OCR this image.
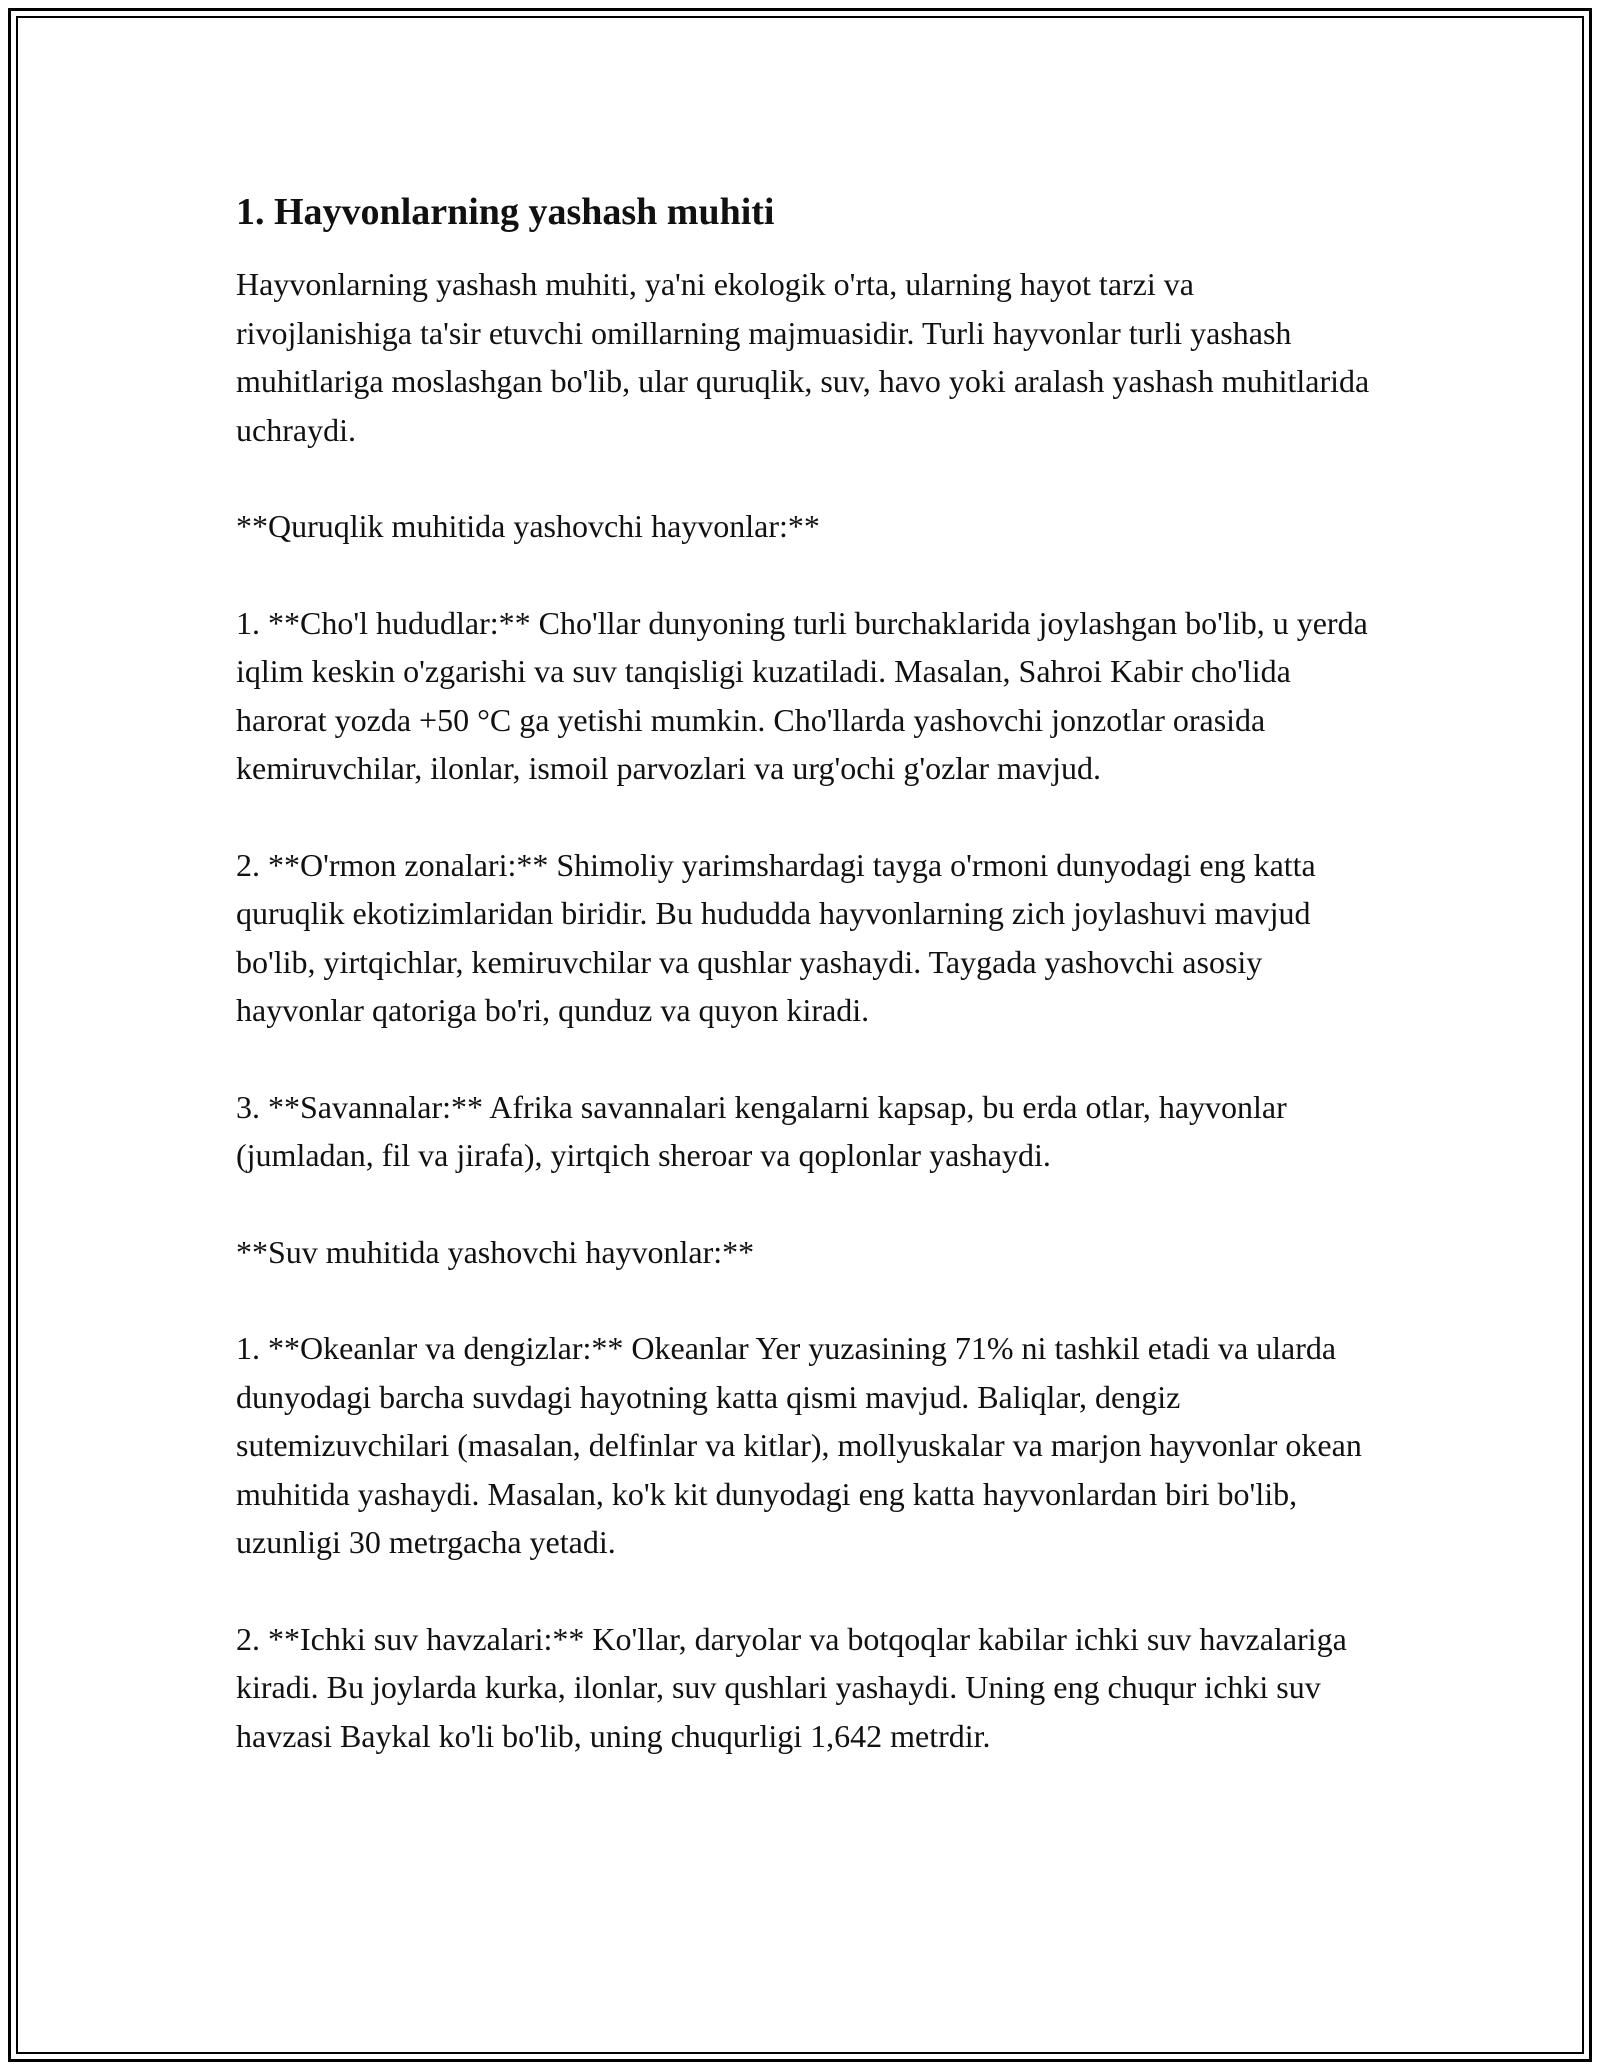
1. Hayvonlarning yashash muhiti

Hayvonlarning yashash muhiti, ya'ni ekologik o'rta, ularning hayot tarzi va rivojlanishiga ta'sir etuvchi omillarning majmuasidir. Turli hayvonlar turli yashash muhitlariga moslashgan bo'lib, ular quruqlik, suv, havo yoki aralash yashash muhitlarida uchraydi.

**Quruqlik muhitida yashovchi hayvonlar:**

1. **Cho'l hududlar:** Cho'llar dunyoning turli burchaklarida joylashgan bo'lib, u yerda iqlim keskin o'zgarishi va suv tanqisligi kuzatiladi. Masalan, Sahroi Kabir cho'lida harorat yozda +50 °C ga yetishi mumkin. Cho'llarda yashovchi jonzotlar orasida kemiruvchilar, ilonlar, ismoil parvozlari va urg'ochi g'ozlar mavjud.

2. **O'rmon zonalari:** Shimoliy yarimshardagi tayga o'rmoni dunyodagi eng katta quruqlik ekotizimlaridan biridir. Bu hududda hayvonlarning zich joylashuvi mavjud bo'lib, yirtqichlar, kemiruvchilar va qushlar yashaydi. Taygada yashovchi asosiy hayvonlar qatoriga bo'ri, qunduz va quyon kiradi.

3. **Savannalar:** Afrika savannalari kengalarni kapsap, bu erda otlar, hayvonlar (jumladan, fil va jirafa), yirtqich sheroar va qoplonlar yashaydi.

**Suv muhitida yashovchi hayvonlar:**

1. **Okeanlar va dengizlar:** Okeanlar Yer yuzasining 71% ni tashkil etadi va ularda dunyodagi barcha suvdagi hayotning katta qismi mavjud. Baliqlar, dengiz sutemizuvchilari (masalan, delfinlar va kitlar), mollyuskalar va marjon hayvonlar okean muhitida yashaydi. Masalan, ko'k kit dunyodagi eng katta hayvonlardan biri bo'lib, uzunligi 30 metrgacha yetadi.

2. **Ichki suv havzalari:** Ko'llar, daryolar va botqoqlar kabilar ichki suv havzalariga kiradi. Bu joylarda kurka, ilonlar, suv qushlari yashaydi. Uning eng chuqur ichki suv havzasi Baykal ko'li bo'lib, uning chuqurligi 1,642 metrdir.
